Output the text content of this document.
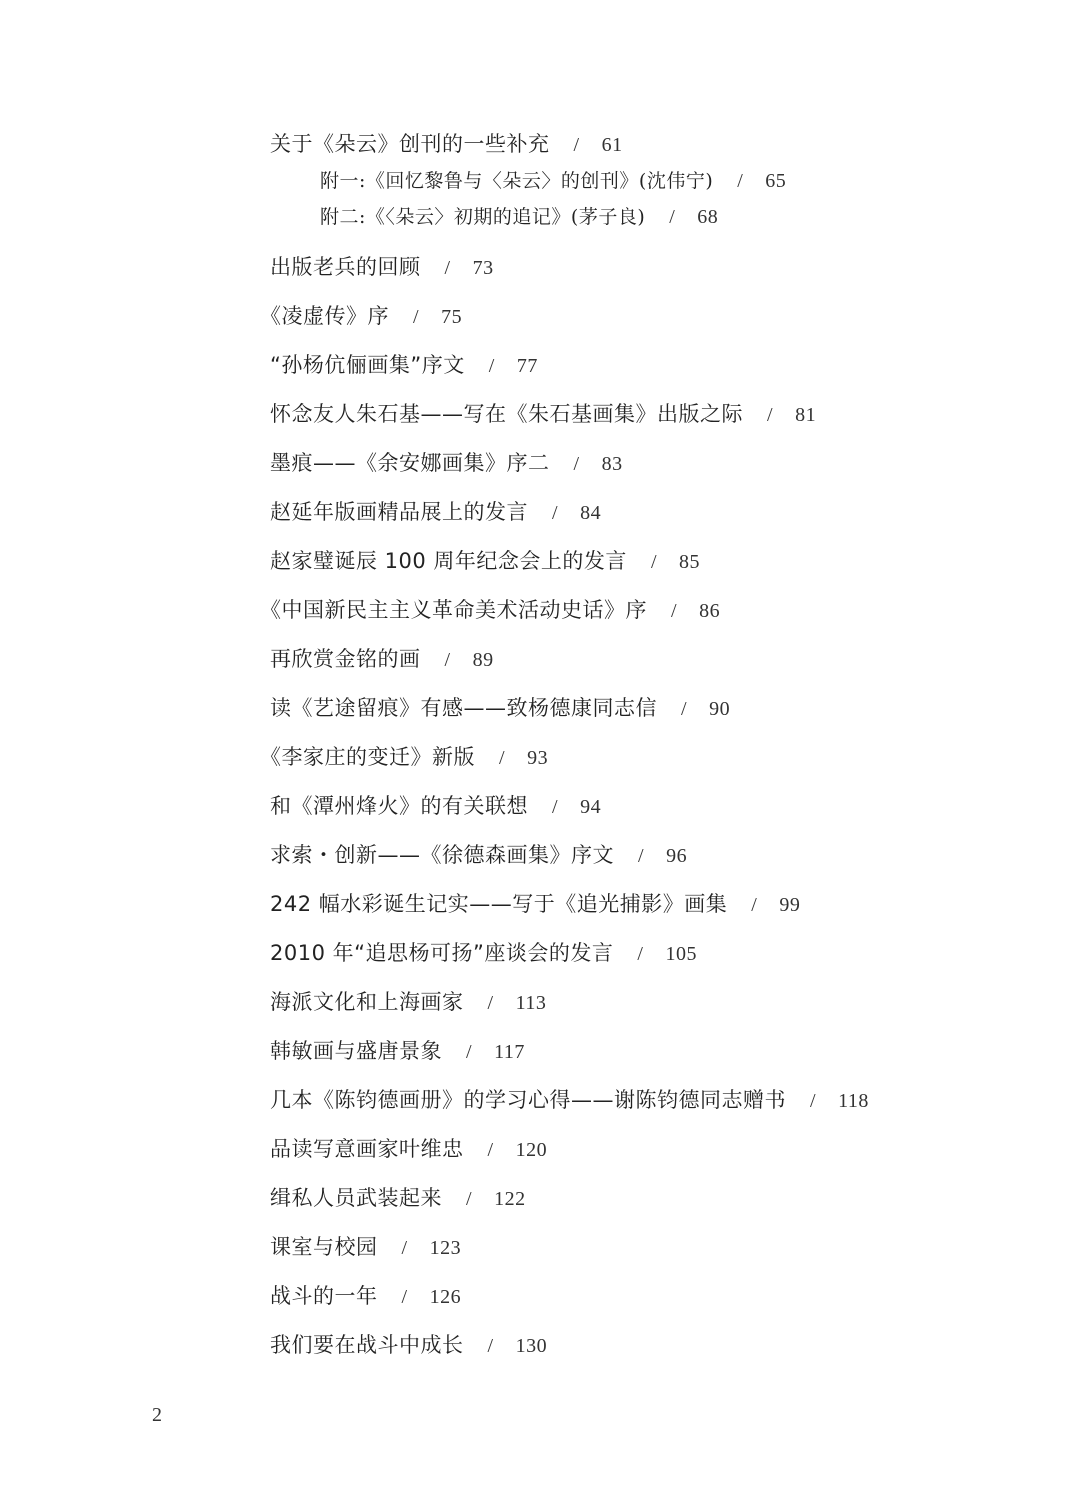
关于《朵云》创刊的一些补充 / 61
附一:《回忆黎鲁与〈朵云〉的创刊》(沈伟宁) / 65
附二:《〈朵云〉初期的追记》(茅子良) / 68
出版老兵的回顾 / 73
《凌虚传》序 / 75
“孙杨伉俪画集”序文 / 77
怀念友人朱石基——写在《朱石基画集》出版之际 / 81
墨痕——《余安娜画集》序二 / 83
赵延年版画精品展上的发言 / 84
赵家璧诞辰 100 周年纪念会上的发言 / 85
《中国新民主主义革命美术活动史话》序 / 86
再欣赏金铭的画 / 89
读《艺途留痕》有感——致杨德康同志信 / 90
《李家庄的变迁》新版 / 93
和《潭州烽火》的有关联想 / 94
求索・创新——《徐德森画集》序文 / 96
242 幅水彩诞生记实——写于《追光捕影》画集 / 99
2010 年“追思杨可扬”座谈会的发言 / 105
海派文化和上海画家 / 113
韩敏画与盛唐景象 / 117
几本《陈钧德画册》的学习心得——谢陈钧德同志赠书 / 118
品读写意画家叶维忠 / 120
缉私人员武装起来 / 122
课室与校园 / 123
战斗的一年 / 126
我们要在战斗中成长 / 130
2
